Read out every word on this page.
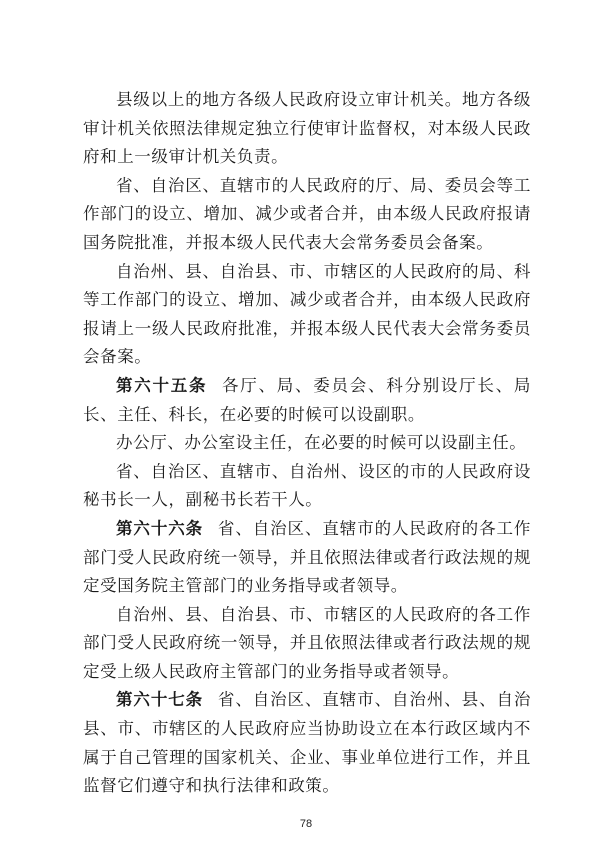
县级以上的地方各级人民政府设立审计机关。地方各级审计机关依照法律规定独立行使审计监督权，对本级人民政府和上一级审计机关负责。

省、自治区、直辖市的人民政府的厅、局、委员会等工作部门的设立、增加、减少或者合并，由本级人民政府报请国务院批准，并报本级人民代表大会常务委员会备案。

自治州、县、自治县、市、市辖区的人民政府的局、科等工作部门的设立、增加、减少或者合并，由本级人民政府报请上一级人民政府批准，并报本级人民代表大会常务委员会备案。

第六十五条 各厅、局、委员会、科分别设厅长、局长、主任、科长，在必要的时候可以设副职。

办公厅、办公室设主任，在必要的时候可以设副主任。

省、自治区、直辖市、自治州、设区的市的人民政府设秘书长一人，副秘书长若干人。

第六十六条 省、自治区、直辖市的人民政府的各工作部门受人民政府统一领导，并且依照法律或者行政法规的规定受国务院主管部门的业务指导或者领导。

自治州、县、自治县、市、市辖区的人民政府的各工作部门受人民政府统一领导，并且依照法律或者行政法规的规定受上级人民政府主管部门的业务指导或者领导。

第六十七条 省、自治区、直辖市、自治州、县、自治县、市、市辖区的人民政府应当协助设立在本行政区域内不属于自己管理的国家机关、企业、事业单位进行工作，并且监督它们遵守和执行法律和政策。

78
